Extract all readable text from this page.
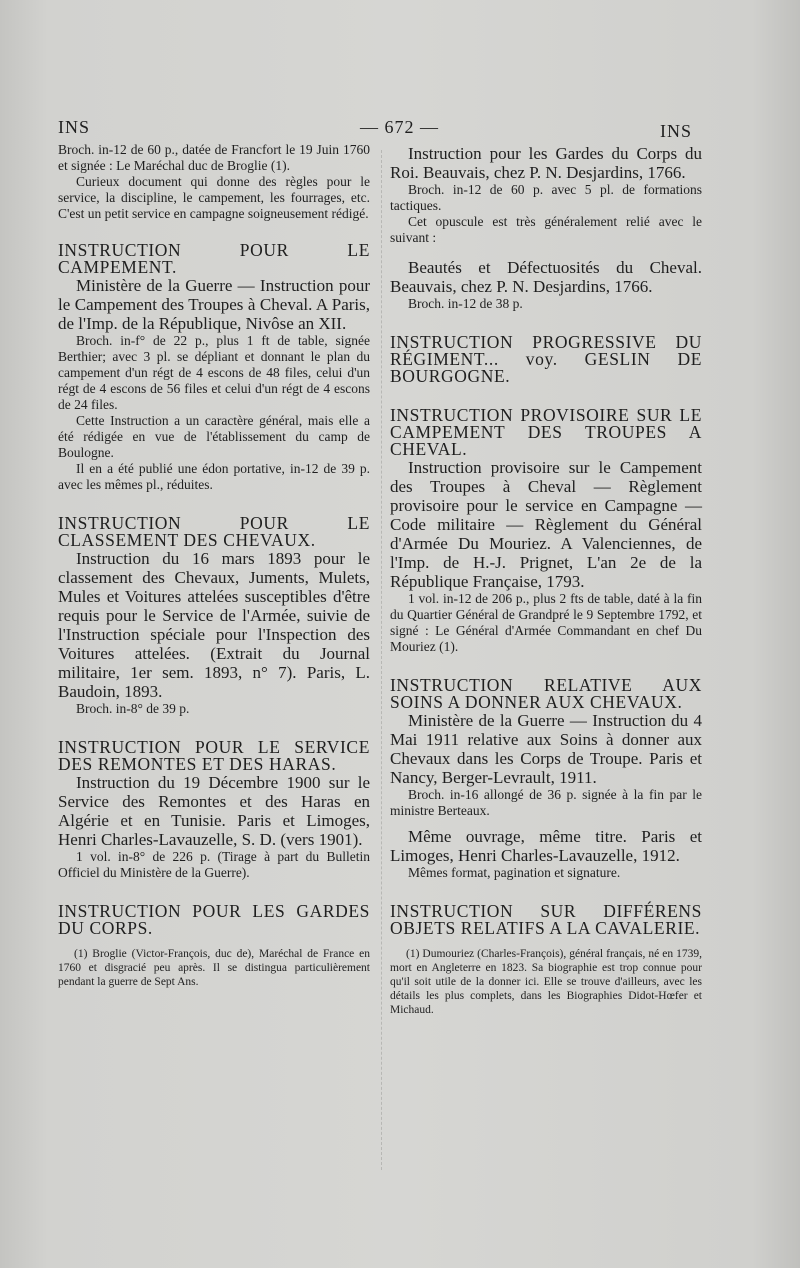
INS	— 672 —	INS

Broch. in-12 de 60 p., datée de Francfort le 19 Juin 1760 et signée : Le Maréchal duc de Broglie (1).

Curieux document qui donne des règles pour le service, la discipline, le campement, les fourrages, etc. C'est un petit service en campagne soigneusement rédigé.

INSTRUCTION POUR LE CAMPEMENT.

Ministère de la Guerre — Instruction pour le Campement des Troupes à Cheval. A Paris, de l'Imp. de la République, Nivôse an XII.

Broch. in-f° de 22 p., plus 1 ft de table, signée Berthier; avec 3 pl. se dépliant et donnant le plan du campement d'un régt de 4 escons de 48 files, celui d'un régt de 4 escons de 56 files et celui d'un régt de 4 escons de 24 files.

Cette Instruction a un caractère général, mais elle a été rédigée en vue de l'établissement du camp de Boulogne.

Il en a été publié une édon portative, in-12 de 39 p. avec les mêmes pl., réduites.

INSTRUCTION POUR LE CLASSEMENT DES CHEVAUX.

Instruction du 16 mars 1893 pour le classement des Chevaux, Juments, Mulets, Mules et Voitures attelées susceptibles d'être requis pour le Service de l'Armée, suivie de l'Instruction spéciale pour l'Inspection des Voitures attelées. (Extrait du Journal militaire, 1er sem. 1893, n° 7). Paris, L. Baudoin, 1893.

Broch. in-8° de 39 p.

INSTRUCTION POUR LE SERVICE DES REMONTES ET DES HARAS.

Instruction du 19 Décembre 1900 sur le Service des Remontes et des Haras en Algérie et en Tunisie. Paris et Limoges, Henri Charles-Lavauzelle, S. D. (vers 1901).

1 vol. in-8° de 226 p. (Tirage à part du Bulletin Officiel du Ministère de la Guerre).

INSTRUCTION POUR LES GARDES DU CORPS.

(1) Broglie (Victor-François, duc de), Maréchal de France en 1760 et disgracié peu après. Il se distingua particulièrement pendant la guerre de Sept Ans.

Instruction pour les Gardes du Corps du Roi. Beauvais, chez P. N. Desjardins, 1766.

Broch. in-12 de 60 p. avec 5 pl. de formations tactiques.

Cet opuscule est très généralement relié avec le suivant :

Beautés et Défectuosités du Cheval. Beauvais, chez P. N. Desjardins, 1766.

Broch. in-12 de 38 p.

INSTRUCTION PROGRESSIVE DU RÉGIMENT... voy. GESLIN DE BOURGOGNE.

INSTRUCTION PROVISOIRE SUR LE CAMPEMENT DES TROUPES A CHEVAL.

Instruction provisoire sur le Campement des Troupes à Cheval — Règlement provisoire pour le service en Campagne — Code militaire — Règlement du Général d'Armée Du Mouriez. A Valenciennes, de l'Imp. de H.-J. Prignet, L'an 2e de la République Française, 1793.

1 vol. in-12 de 206 p., plus 2 fts de table, daté à la fin du Quartier Général de Grandpré le 9 Septembre 1792, et signé : Le Général d'Armée Commandant en chef Du Mouriez (1).

INSTRUCTION RELATIVE AUX SOINS A DONNER AUX CHEVAUX.

Ministère de la Guerre — Instruction du 4 Mai 1911 relative aux Soins à donner aux Chevaux dans les Corps de Troupe. Paris et Nancy, Berger-Levrault, 1911.

Broch. in-16 allongé de 36 p. signée à la fin par le ministre Berteaux.

Même ouvrage, même titre. Paris et Limoges, Henri Charles-Lavauzelle, 1912.

Mêmes format, pagination et signature.

INSTRUCTION SUR DIFFÉRENS OBJETS RELATIFS A LA CAVALERIE.

(1) Dumouriez (Charles-François), général français, né en 1739, mort en Angleterre en 1823. Sa biographie est trop connue pour qu'il soit utile de la donner ici. Elle se trouve d'ailleurs, avec les détails les plus complets, dans les Biographies Didot-Hœfer et Michaud.
